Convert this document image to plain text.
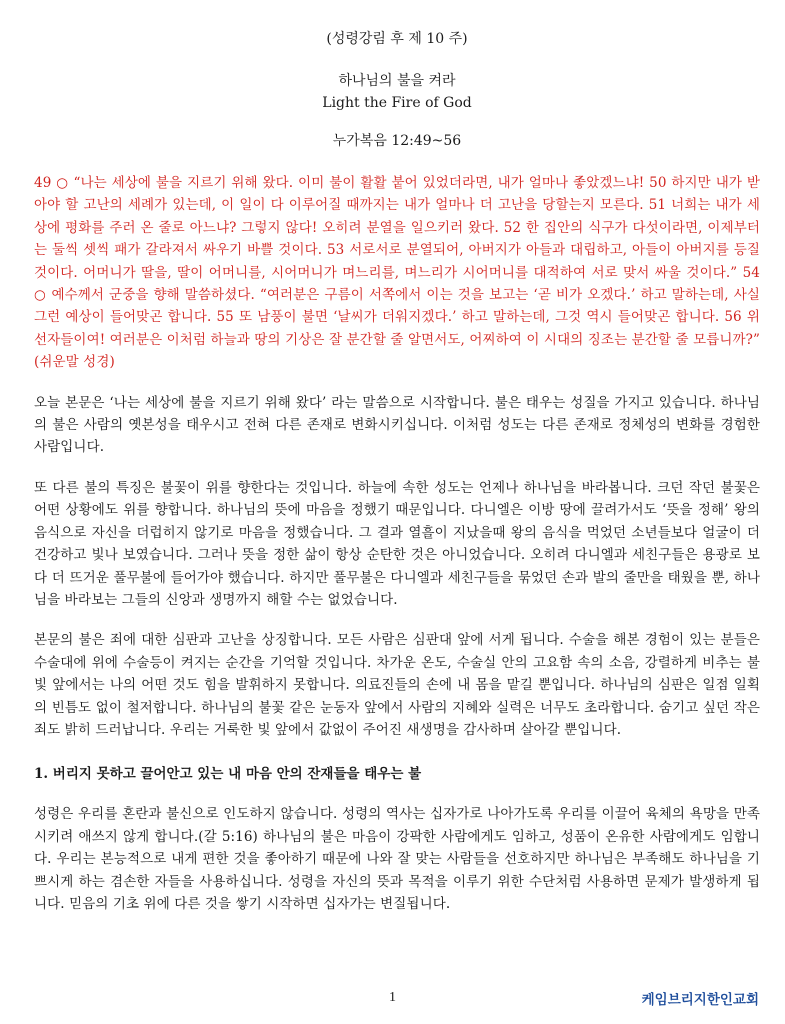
(성령강림 후 제 10 주)
하나님의 불을 켜라
Light the Fire of God
누가복음 12:49~56

49 ○ “나는 세상에 불을 지르기 위해 왔다. 이미 불이 활활 붙어 있었더라면, 내가 얼마나 좋았겠느냐! 50 하지만 내가 받아야 할 고난의 세례가 있는데, 이 일이 다 이루어질 때까지는 내가 얼마나 더 고난을 당할는지 모른다. 51 너희는 내가 세상에 평화를 주러 온 줄로 아느냐? 그렇지 않다! 오히려 분열을 일으키러 왔다. 52 한 집안의 식구가 다섯이라면, 이제부터는 둘씩 셋씩 패가 갈라져서 싸우기 바쁠 것이다. 53 서로서로 분열되어, 아버지가 아들과 대립하고, 아들이 아버지를 등질 것이다. 어머니가 딸을, 딸이 어머니를, 시어머니가 며느리를, 며느리가 시어머니를 대적하여 서로 맞서 싸울 것이다.” 54 ○ 예수께서 군중을 향해 말씀하셨다. “여러분은 구름이 서쪽에서 이는 것을 보고는 ‘곧 비가 오겠다.’ 하고 말하는데, 사실 그런 예상이 들어맞곤 합니다. 55 또 남풍이 불면 ‘날씨가 더워지겠다.’ 하고 말하는데, 그것 역시 들어맞곤 합니다. 56 위선자들이여! 여러분은 이처럼 하늘과 땅의 기상은 잘 분간할 줄 알면서도, 어찌하여 이 시대의 징조는 분간할 줄 모릅니까?” (쉬운말 성경)

오늘 본문은 ‘나는 세상에 불을 지르기 위해 왔다’ 라는 말씀으로 시작합니다. 불은 태우는 성질을 가지고 있습니다. 하나님의 불은 사람의 옛본성을 태우시고 전혀 다른 존재로 변화시키십니다. 이처럼 성도는 다른 존재로 정체성의 변화를 경험한 사람입니다.

또 다른 불의 특징은 불꽃이 위를 향한다는 것입니다. 하늘에 속한 성도는 언제나 하나님을 바라봅니다. 크던 작던 불꽃은 어떤 상황에도 위를 향합니다. 하나님의 뜻에 마음을 정했기 때문입니다. 다니엘은 이방 땅에 끌려가서도 ‘뜻을 정해’ 왕의 음식으로 자신을 더럽히지 않기로 마음을 정했습니다. 그 결과 열흘이 지났을때 왕의 음식을 먹었던 소년들보다 얼굴이 더 건강하고 빛나 보였습니다. 그러나 뜻을 정한 삶이 항상 순탄한 것은 아니었습니다. 오히려 다니엘과 세친구들은 용광로 보다 더 뜨거운 풀무불에 들어가야 했습니다. 하지만 풀무불은 다니엘과 세친구들을 묶었던 손과 발의 줄만을 태웠을 뿐, 하나님을 바라보는 그들의 신앙과 생명까지 해할 수는 없었습니다.

본문의 불은 죄에 대한 심판과 고난을 상징합니다. 모든 사람은 심판대 앞에 서게 됩니다. 수술을 해본 경험이 있는 분들은 수술대에 위에 수술등이 켜지는 순간을 기억할 것입니다. 차가운 온도, 수술실 안의 고요함 속의 소음, 강렬하게 비추는 불빛 앞에서는 나의 어떤 것도 힘을 발휘하지 못합니다. 의료진들의 손에 내 몸을 맡길 뿐입니다. 하나님의 심판은 일점 일획의 빈틈도 없이 철저합니다. 하나님의 불꽃 같은 눈동자 앞에서 사람의 지혜와 실력은 너무도 초라합니다. 숨기고 싶던 작은 죄도 밝히 드러납니다. 우리는 거룩한 빛 앞에서 값없이 주어진 새생명을 감사하며 살아갈 뿐입니다.

1. 버리지 못하고 끌어안고 있는 내 마음 안의 잔재들을 태우는 불

성령은 우리를 혼란과 불신으로 인도하지 않습니다. 성령의 역사는 십자가로 나아가도록 우리를 이끌어 육체의 욕망을 만족시키려 애쓰지 않게 합니다.(갈 5:16) 하나님의 불은 마음이 강팍한 사람에게도 임하고, 성품이 온유한 사람에게도 임합니다. 우리는 본능적으로 내게 편한 것을 좋아하기 때문에 나와 잘 맞는 사람들을 선호하지만 하나님은 부족해도 하나님을 기쁘시게 하는 겸손한 자들을 사용하십니다. 성령을 자신의 뜻과 목적을 이루기 위한 수단처럼 사용하면 문제가 발생하게 됩니다. 믿음의 기초 위에 다른 것을 쌓기 시작하면 십자가는 변질됩니다.

1	케임브리지한인교회
